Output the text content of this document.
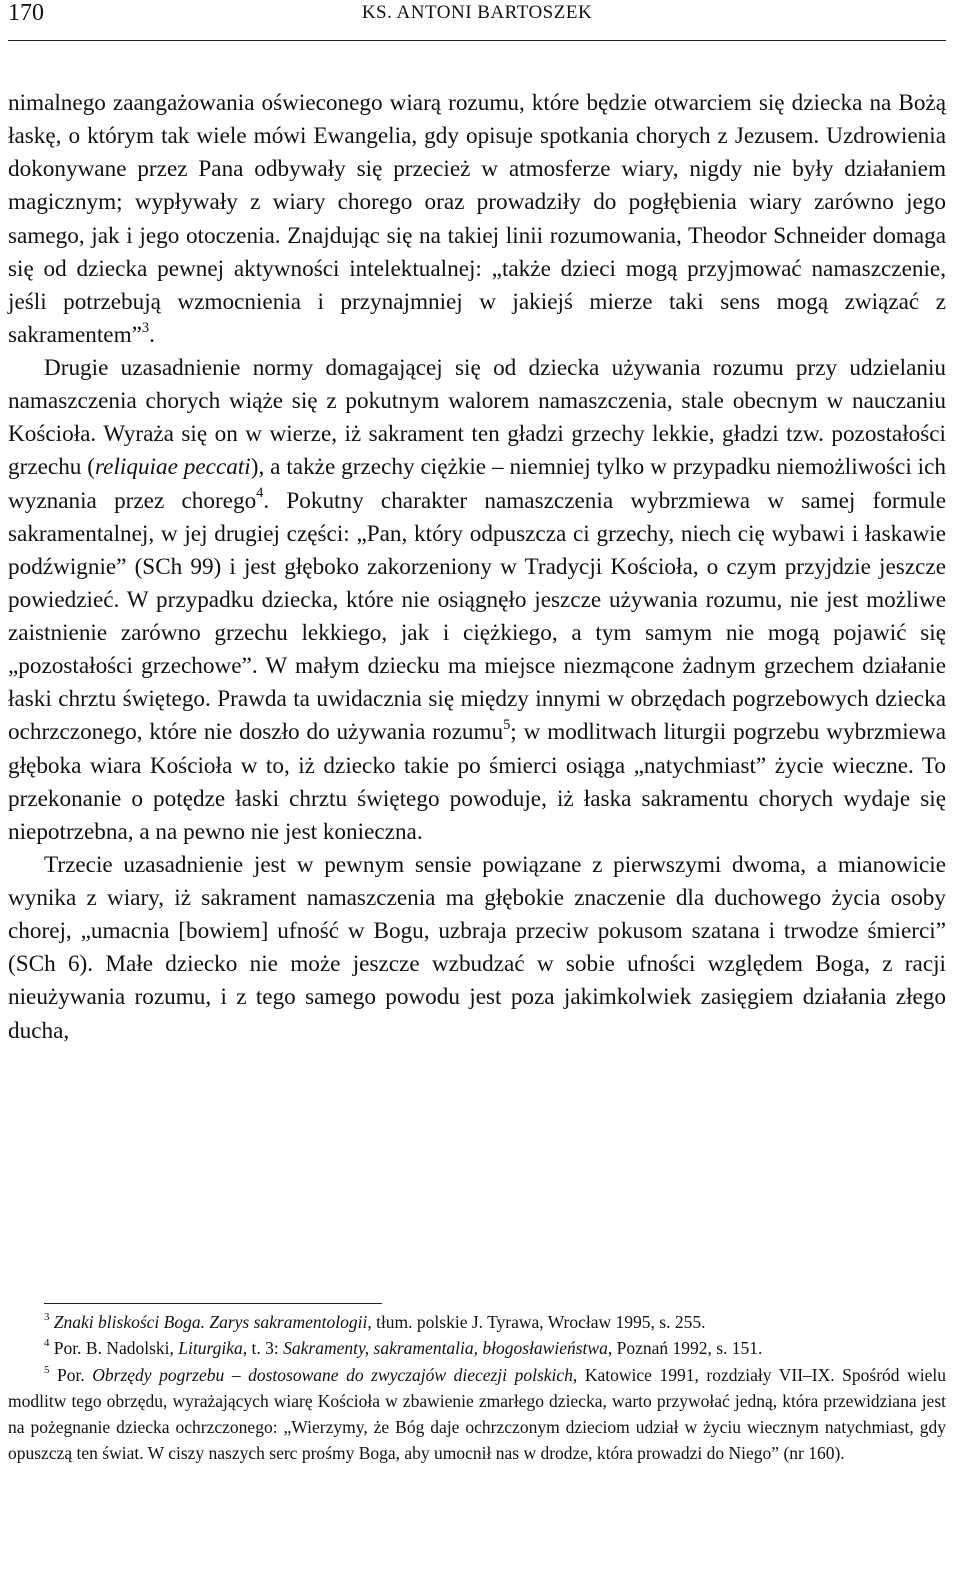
170	KS. ANTONI BARTOSZEK

nimalnego zaangażowania oświeconego wiarą rozumu, które będzie otwarciem się dziecka na Bożą łaskę, o którym tak wiele mówi Ewangelia, gdy opisuje spotkania chorych z Jezusem. Uzdrowienia dokonywane przez Pana odbywały się przecież w atmosferze wiary, nigdy nie były działaniem magicznym; wypływały z wiary chorego oraz prowadziły do pogłębienia wiary zarówno jego samego, jak i jego otoczenia. Znajdując się na takiej linii rozumowania, Theodor Schneider domaga się od dziecka pewnej aktywności intelektualnej: „także dzieci mogą przyjmować namaszczenie, jeśli potrzebują wzmocnienia i przynajmniej w jakiejś mierze taki sens mogą związać z sakramentem”$^3$.

Drugie uzasadnienie normy domagającej się od dziecka używania rozumu przy udzielaniu namaszczenia chorych wiąże się z pokutnym walorem namaszczenia, stale obecnym w nauczaniu Kościoła. Wyraża się on w wierze, iż sakrament ten gładzi grzechy lekkie, gładzi tzw. pozostałości grzechu (reliquiae peccati), a także grzechy ciężkie – niemniej tylko w przypadku niemożliwości ich wyznania przez chorego$^4$. Pokutny charakter namaszczenia wybrzmiewa w samej formule sakramentalnej, w jej drugiej części: „Pan, który odpuszcza ci grzechy, niech cię wybawi i łaskawie podźwignie” (SCh 99) i jest głęboko zakorzeniony w Tradycji Kościoła, o czym przyjdzie jeszcze powiedzieć. W przypadku dziecka, które nie osiągnęło jeszcze używania rozumu, nie jest możliwe zaistnienie zarówno grzechu lekkiego, jak i ciężkiego, a tym samym nie mogą pojawić się „pozostałości grzechowe”. W małym dziecku ma miejsce niezmącone żadnym grzechem działanie łaski chrztu świętego. Prawda ta uwidacznia się między innymi w obrzędach pogrzebowych dziecka ochrzczonego, które nie doszło do używania rozumu$^5$; w modlitwach liturgii pogrzebu wybrzmiewa głęboka wiara Kościoła w to, iż dziecko takie po śmierci osiąga „natychmiast” życie wieczne. To przekonanie o potędze łaski chrztu świętego powoduje, iż łaska sakramentu chorych wydaje się niepotrzebna, a na pewno nie jest konieczna.

Trzecie uzasadnienie jest w pewnym sensie powiązane z pierwszymi dwoma, a mianowicie wynika z wiary, iż sakrament namaszczenia ma głębokie znaczenie dla duchowego życia osoby chorej, „umacnia [bowiem] ufność w Bogu, uzbraja przeciw pokusom szatana i trwodze śmierci” (SCh 6). Małe dziecko nie może jeszcze wzbudzać w sobie ufności względem Boga, z racji nieużywania rozumu, i z tego samego powodu jest poza jakimkolwiek zasięgiem działania złego ducha,

$^3$ Znaki bliskości Boga. Zarys sakramentologii, tłum. polskie J. Tyrawa, Wrocław 1995, s. 255.

$^4$ Por. B. Nadolski, Liturgika, t. 3: Sakramenty, sakramentalia, błogosławieństwa, Poznań 1992, s. 151.

$^5$ Por. Obrzędy pogrzebu – dostosowane do zwyczajów diecezji polskich, Katowice 1991, rozdziały VII–IX. Spośród wielu modlitw tego obrzędu, wyrażających wiarę Kościoła w zbawienie zmarłego dziecka, warto przywołać jedną, która przewidziana jest na pożegnanie dziecka ochrzczonego: „Wierzymy, że Bóg daje ochrzczonym dzieciom udział w życiu wiecznym natychmiast, gdy opuszczą ten świat. W ciszy naszych serc prośmy Boga, aby umocnił nas w drodze, która prowadzi do Niego” (nr 160).
